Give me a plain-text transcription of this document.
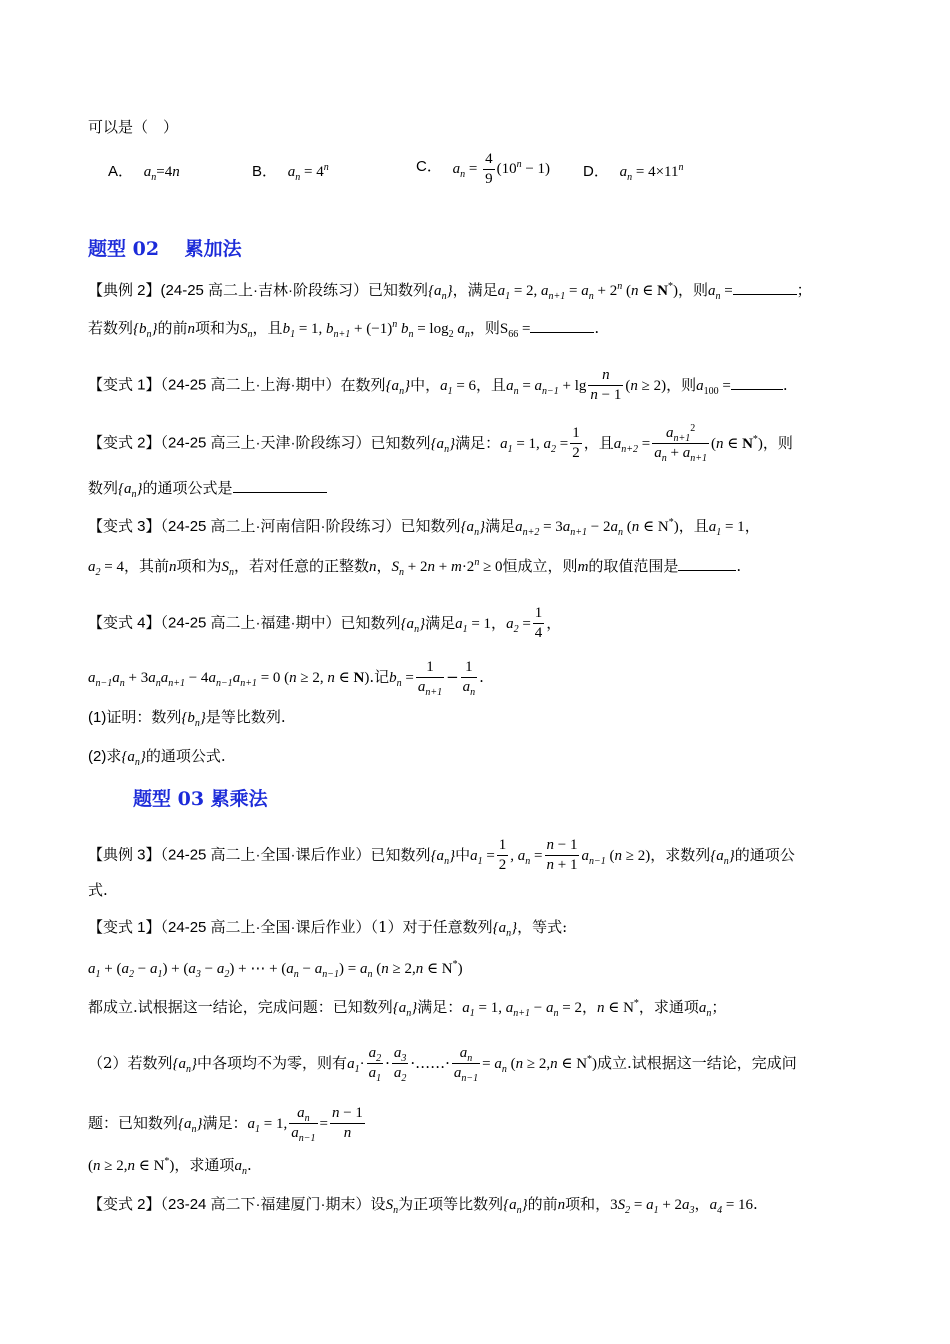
可以是（　）
A． $a_n=4n$	B． $a_n = 4^n$	C． $a_n = \frac{4}{9} (10^n - 1)$ D． $a_n = 4\times 11^n$
题型 02　 累加法
【典例 2】(24-25 高二上·吉林·阶段练习）已知数列$\{a_n\}$，满足$a_1 = 2$, $a_{n+1} = a_n + 2^n$ (n ∈ N*)，则$a_n$ =	；
若数列$\{b_n\}$的前n项和为$S_n$，且$b_1 = 1$, $b_{n+1} + (-1)^n$ $b_n = \log_2 a_n$，则$S_{66}$ =	.
【变式 1】（24-25 高二上·上海·期中）在数列$\{a_n\}$中，$a_1 = 6$，且$a_n = a_{n-1} + \lg \frac{n}{n - 1} (n \ge 2)$，则$a_{100}$ =	.
【变式 2】（24-25 高三上·天津·阶段练习）已知数列$\{a_n\}$满足：$a_1 = 1$, $a_2 = \frac{1}{2}$ ，且$a_{n+2} = \frac{a_{n+1}^2}{a_n + a_{n+1}} (n$ ∈ N*)，则
数列$\{a_n\}$的通项公式是
【变式 3】（24-25 高二上·河南信阳·阶段练习）已知数列$\{a_n\}$满足$a_{n+2} = 3a_{n+1} - 2a_n$ (n ∈ N*)，且$a_1 = 1$，
$a_2 = 4$，其前n项和为$S_n$，若对任意的正整数n，$S_n + 2n + m\cdot 2^n \ge 0$恒成立，则m的取值范围是	.
【变式 4】（24-25 高二上·福建·期中）已知数列$\{a_n\}$满足$a_1 = 1$，$a_2 = \frac{1}{4}$ ，
$a_{n-1}a_n + 3a_na_{n+1} - 4a_{n-1}a_{n+1} = 0$ (n ≥ 2, n ∈ N).记$b_n = \frac{1}{a_{n+1}} - \frac{1}{a_n}$ .
(1)证明：数列$\{b_n\}$是等比数列.
(2)求$\{a_n\}$的通项公式.
题型 03 累乘法
【典例 3】（24-25 高二上·全国·课后作业）已知数列$\{a_n\}$中$a_1 = \frac{1}{2}$ , $a_n = \frac{n - 1}{n + 1} a_{n-1}$ (n ≥ 2)，求数列$\{a_n\}$的通项公
式.
【变式 1】（24-25 高二上·全国·课后作业）（1）对于任意数列$\{a_n\}$，等式:
$a_1 + (a_2 - a_1) + (a_3 - a_2)$ + ⋯ + $(a_n - a_{n-1}) = a_n$ (n ≥ 2,n ∈ N*)
都成立.试根据这一结论，完成问题：已知数列$\{a_n\}$满足：$a_1 = 1$, $a_{n+1} - a_n = 2$，n ∈ N*，求通项$a_n$；
（2）若数列$\{a_n\}$中各项均不为零，则有$a_1\cdot \frac{a_2}{a_1} \cdot \frac{a_3}{a_2}$ ·……· $\frac{a_n}{a_{n-1}} = a_n$ (n ≥ 2,n ∈ N*)成立.试根据这一结论，完成问
题：已知数列$\{a_n\}$满足：$a_1 = 1$, $\frac{a_n}{a_{n-1}} = \frac{n - 1}{n}$
(n ≥ 2,n ∈ N*)，求通项$a_n$.
【变式 2】（23-24 高二下·福建厦门·期末）设$S_n$为正项等比数列$\{a_n\}$的前n项和，$3S_2 = a_1 + 2a_3$，$a_4 = 16$.
